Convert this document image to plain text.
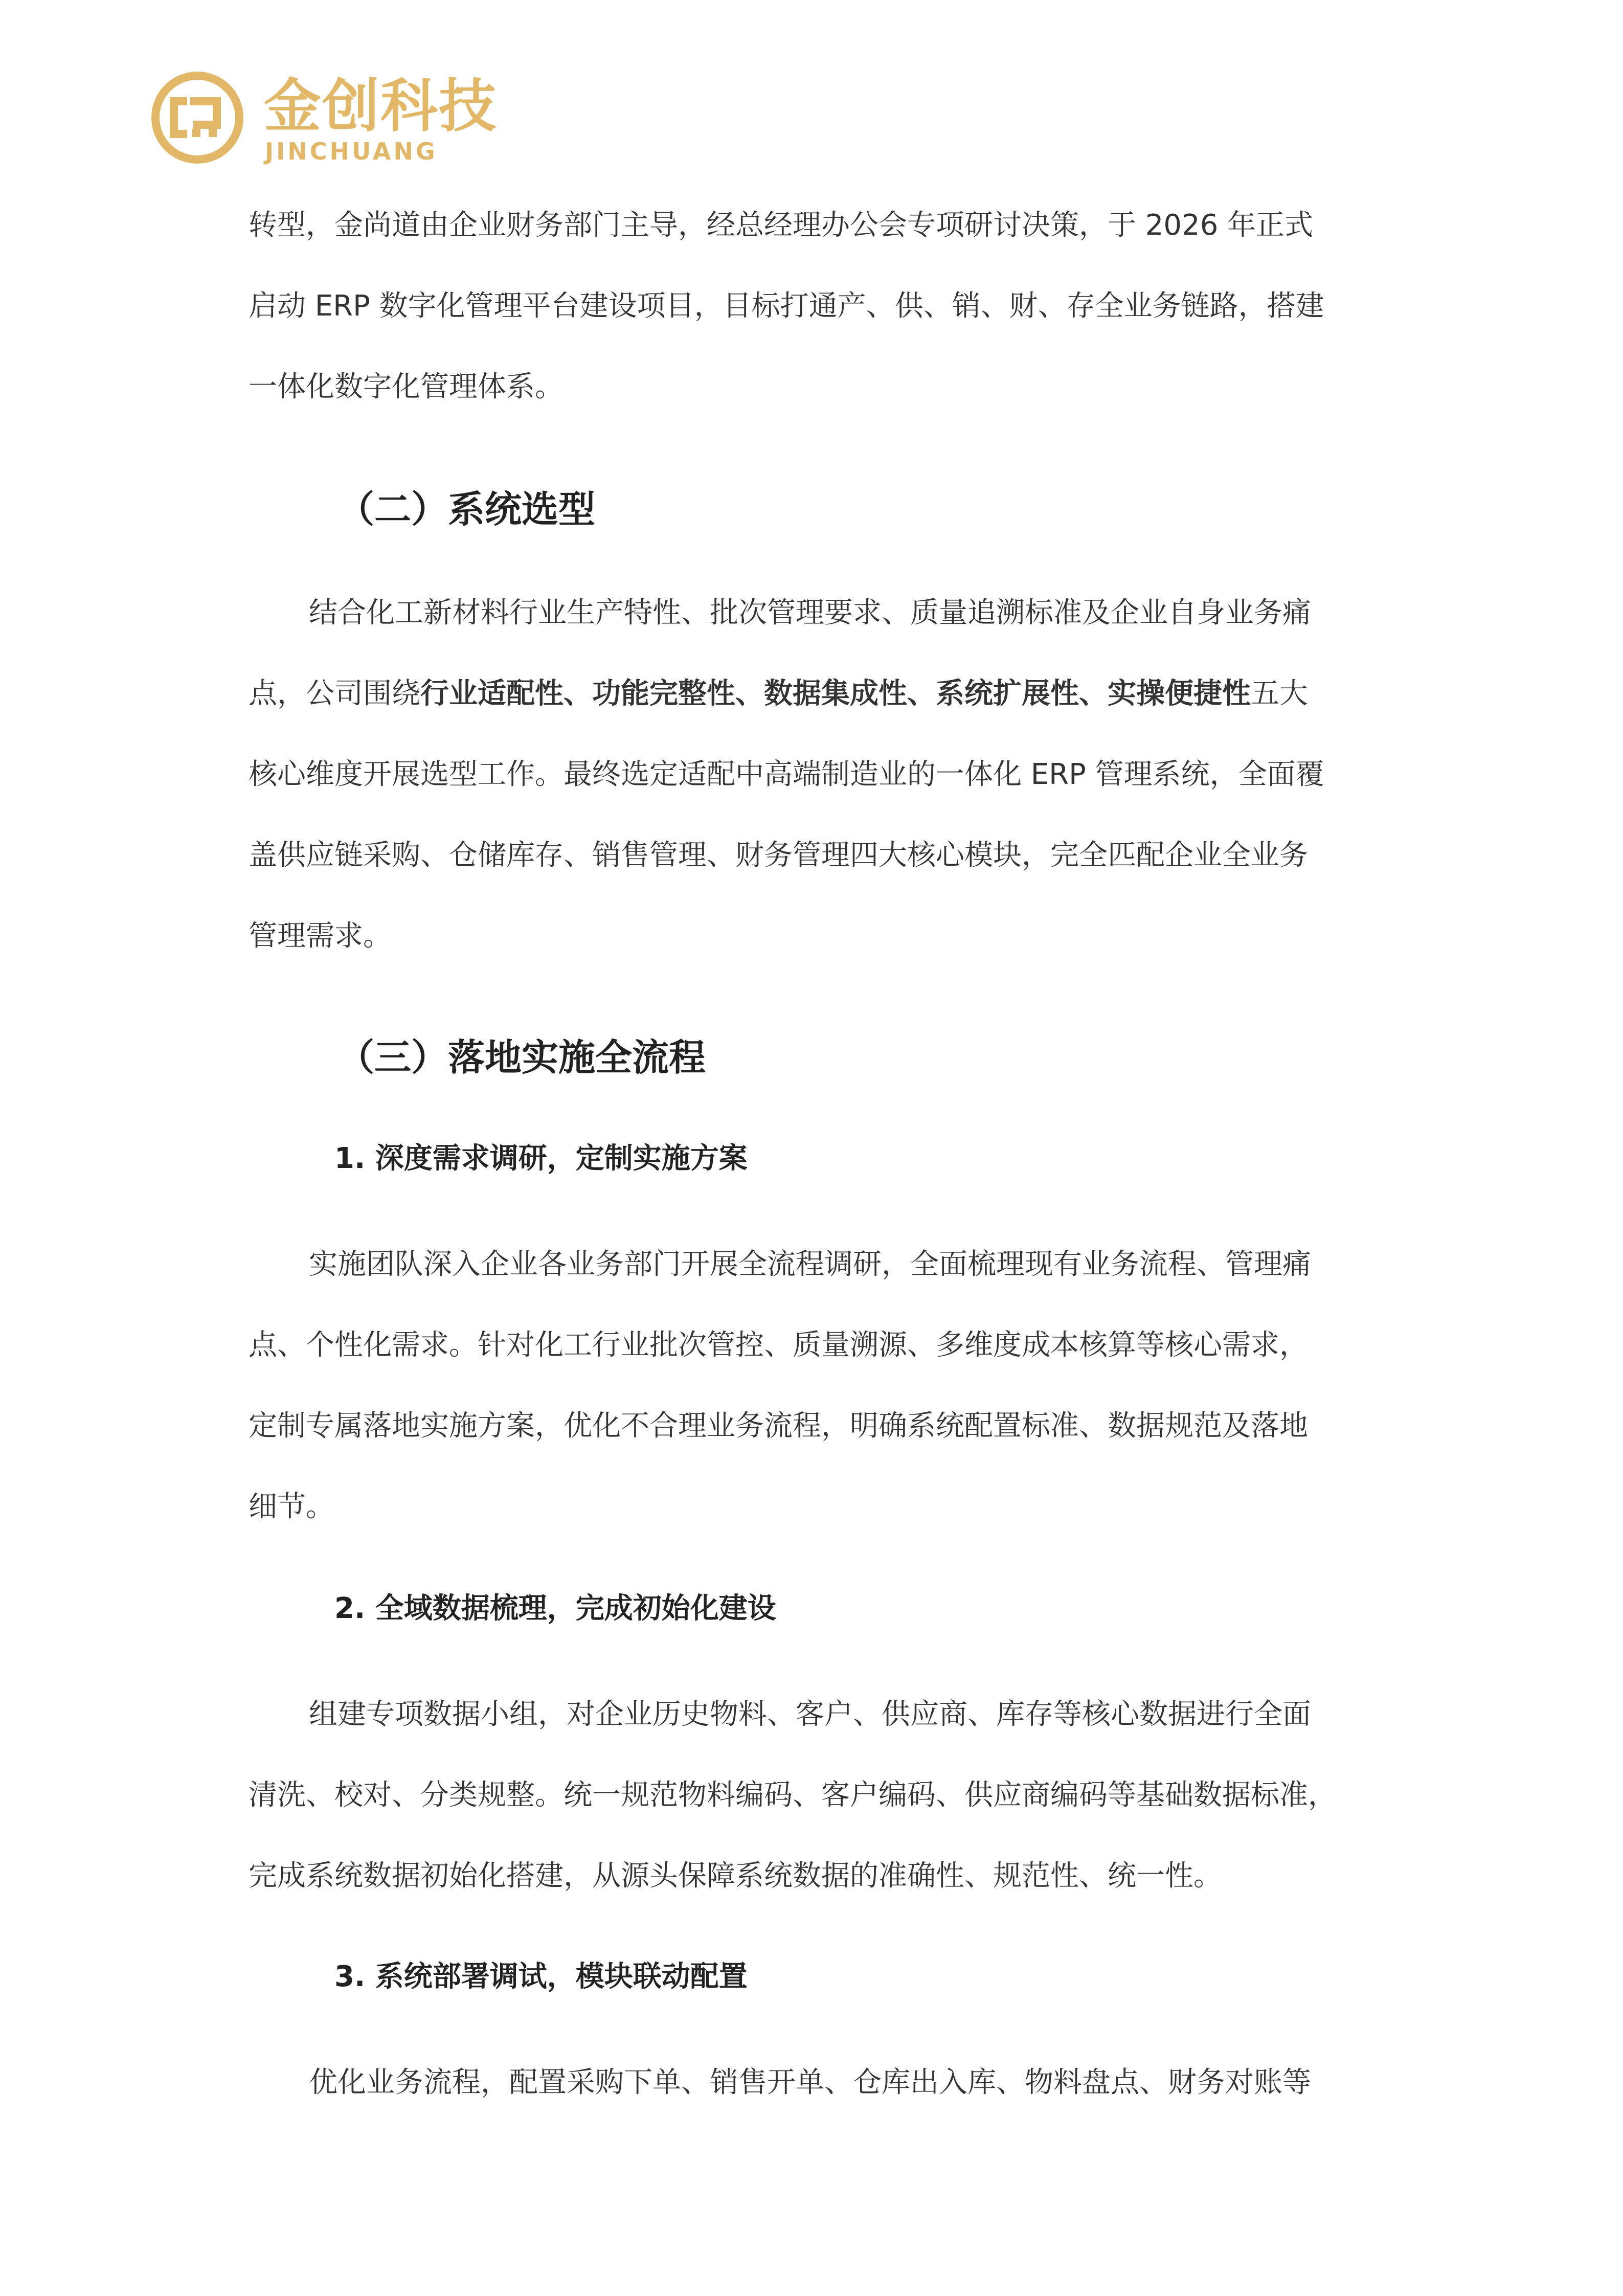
金创科技
JINCHUANG
转型，金尚道由企业财务部门主导，经总经理办公会专项研讨决策，于 2026 年正式
启动 ERP 数字化管理平台建设项目，目标打通产、供、销、财、存全业务链路，搭建
一体化数字化管理体系。
（二）系统选型
结合化工新材料行业生产特性、批次管理要求、质量追溯标准及企业自身业务痛
点，公司围绕行业适配性、功能完整性、数据集成性、系统扩展性、实操便捷性五大
核心维度开展选型工作。最终选定适配中高端制造业的一体化 ERP 管理系统，全面覆
盖供应链采购、仓储库存、销售管理、财务管理四大核心模块，完全匹配企业全业务
管理需求。
（三）落地实施全流程
1. 深度需求调研，定制实施方案
实施团队深入企业各业务部门开展全流程调研，全面梳理现有业务流程、管理痛
点、个性化需求。针对化工行业批次管控、质量溯源、多维度成本核算等核心需求，
定制专属落地实施方案，优化不合理业务流程，明确系统配置标准、数据规范及落地
细节。
2. 全域数据梳理，完成初始化建设
组建专项数据小组，对企业历史物料、客户、供应商、库存等核心数据进行全面
清洗、校对、分类规整。统一规范物料编码、客户编码、供应商编码等基础数据标准，
完成系统数据初始化搭建，从源头保障系统数据的准确性、规范性、统一性。
3. 系统部署调试，模块联动配置
优化业务流程，配置采购下单、销售开单、仓库出入库、物料盘点、财务对账等
